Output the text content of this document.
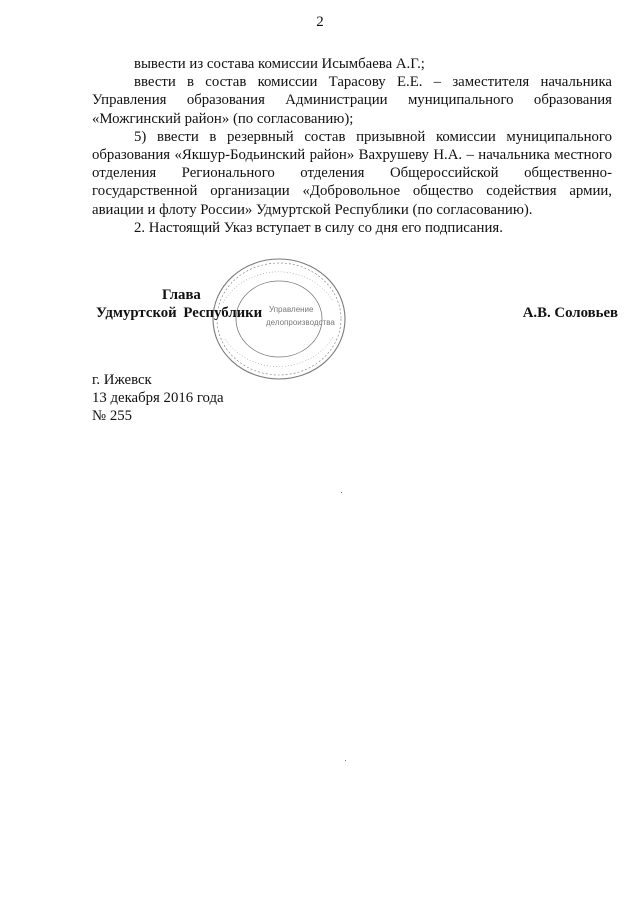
2

вывести из состава комиссии Исымбаева А.Г.;

ввести в состав комиссии Тарасову Е.Е. – заместителя начальника Управления образования Администрации муниципального образования «Можгинский район» (по согласованию);

5) ввести в резервный состав призывной комиссии муниципального образования «Якшур-Бодьинский район» Вахрушеву Н.А. – начальника местного отделения Регионального отделения Общероссийской общественно-государственной организации «Добровольное общество содействия армии, авиации и флоту России» Удмуртской Республики (по согласованию).

2. Настоящий Указ вступает в силу со дня его подписания.

Управление
делопроизводства
Глава
Удмуртской Республики	А.В. Соловьев
г. Ижевск
13 декабря 2016 года
№ 255
